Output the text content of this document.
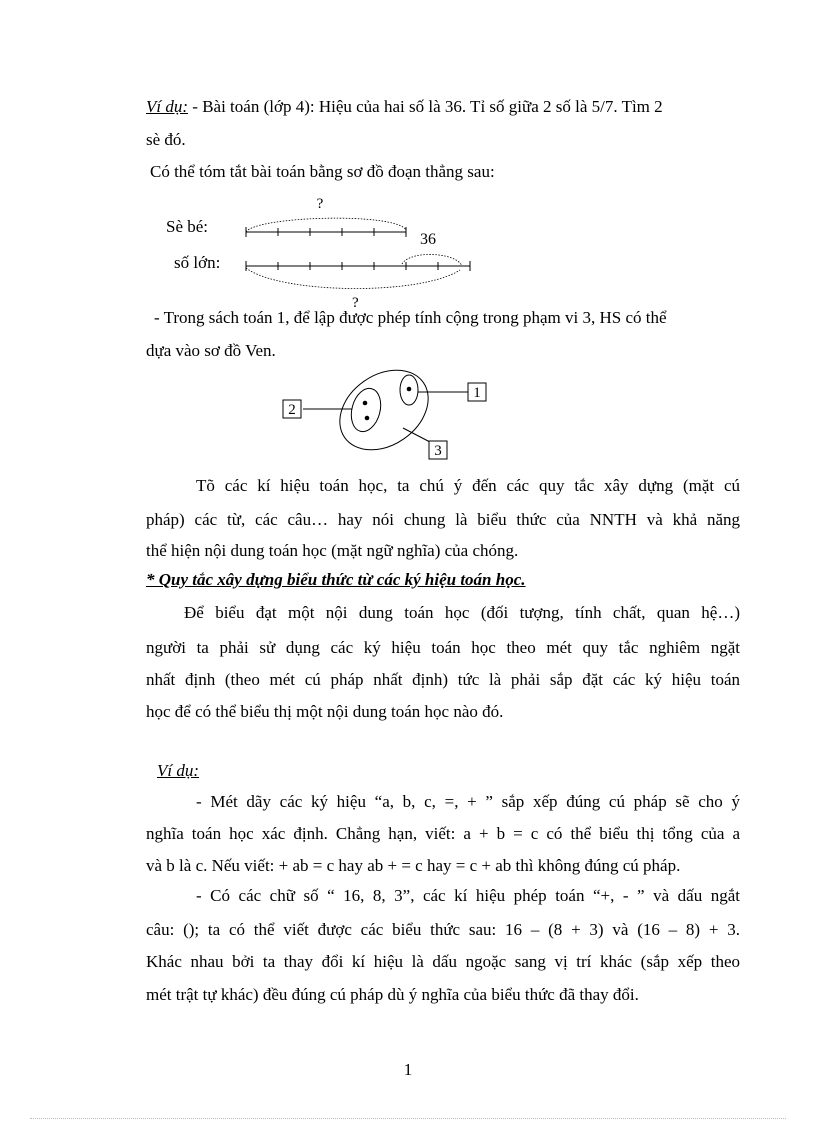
Ví dụ: - Bài toán (lớp 4): Hiệu của hai số là 36. Tỉ số giữa 2 số là 5/7. Tìm 2
sè đó.
Có thể tóm tắt bài toán bằng sơ đồ đoạn thẳng sau:
?
Sè bé:
số lớn:
36
?
- Trong sách toán 1, để lập được phép tính cộng trong phạm vi 3, HS có thể
dựa vào sơ đồ Ven.
1
2
3
Tõ các kí hiệu toán học, ta chú ý đến các quy tắc xây dựng (mặt cú
pháp) các từ, các câu… hay nói chung là biểu thức của NNTH và khả năng
thể hiện nội dung toán học (mặt ngữ nghĩa) của chóng.
* Quy tắc xây dựng biểu thức từ các ký hiệu toán học.
Để biểu đạt một nội dung toán học (đối tượng, tính chất, quan hệ…)
người ta phải sử dụng các ký hiệu toán học theo mét quy tắc nghiêm ngặt
nhất định (theo mét cú pháp nhất định) tức là phải sắp đặt các ký hiệu toán
học để có thể biểu thị một nội dung toán học nào đó.
Ví dụ:
- Mét dãy các ký hiệu “a, b, c, =, + ” sắp xếp đúng cú pháp sẽ cho ý
nghĩa toán học xác định. Chẳng hạn, viết: a + b = c có thể biểu thị tổng của a
và b là c. Nếu viết: + ab = c hay ab + = c hay = c + ab thì không đúng cú pháp.
- Có các chữ số “ 16, 8, 3”, các kí hiệu phép toán “+, - ” và dấu ngắt
câu: (); ta có thể viết được các biểu thức sau: 16 – (8 + 3) và (16 – 8) + 3.
Khác nhau bởi ta thay đổi kí hiệu là dấu ngoặc sang vị trí khác (sắp xếp theo
mét trật tự khác) đều đúng cú pháp dù ý nghĩa của biểu thức đã thay đổi.
1
